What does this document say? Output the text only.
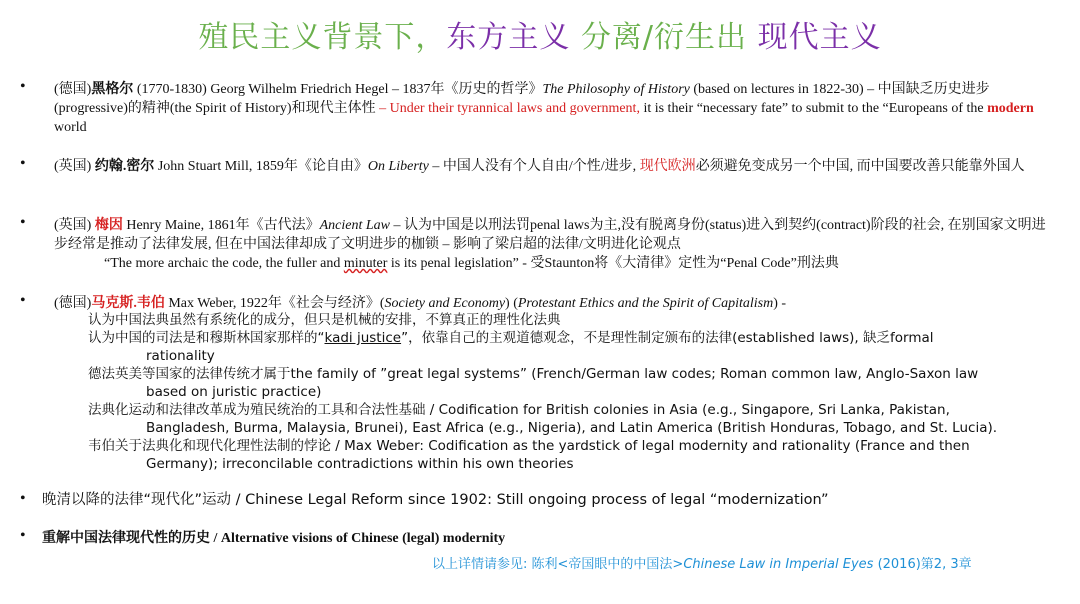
殖民主义背景下，东方主义 分离/衍生出 现代主义
• (德国)黑格尔 (1770-1830) Georg Wilhelm Friedrich Hegel – 1837年《历史的哲学》The Philosophy of History (based on lectures in 1822-30) – 中国缺乏历史进步(progressive)的精神(the Spirit of History)和现代主体性 – Under their tyrannical laws and government, it is their “necessary fate” to submit to the “Europeans of the modern world
• (英国) 约翰.密尔 John Stuart Mill, 1859年《论自由》On Liberty – 中国人没有个人自由/个性/进步, 现代欧洲必须避免变成另一个中国, 而中国要改善只能靠外国人
• (英国) 梅因 Henry Maine, 1861年《古代法》Ancient Law – 认为中国是以刑法罚penal laws为主,没有脱离身份(status)进入到契约(contract)阶段的社会, 在别国家文明进步经常是推动了法律发展, 但在中国法律却成了文明进步的枷锁 – 影响了梁启超的法律/文明进化论观点
“The more archaic the code, the fuller and minuter is its penal legislation” - 受Staunton将《大清律》定性为“Penal Code”刑法典
• (德国)马克斯.韦伯 Max Weber, 1922年《社会与经济》(Society and Economy) (Protestant Ethics and the Spirit of Capitalism) -
认为中国法典虽然有系统化的成分，但只是机械的安排，不算真正的理性化法典
认为中国的司法是和穆斯林国家那样的“kadi justice”，依靠自己的主观道德观念，不是理性制定颁布的法律(established laws), 缺乏formal
rationality
德法英美等国家的法律传统才属于the family of ”great legal systems” (French/German law codes; Roman common law, Anglo-Saxon law
based on juristic practice)
法典化运动和法律改革成为殖民统治的工具和合法性基础 / Codification for British colonies in Asia (e.g., Singapore, Sri Lanka, Pakistan,
Bangladesh, Burma, Malaysia, Brunei), East Africa (e.g., Nigeria), and Latin America (British Honduras, Tobago, and St. Lucia).
韦伯关于法典化和现代化理性法制的悖论 / Max Weber: Codification as the yardstick of legal modernity and rationality (France and then
Germany); irreconcilable contradictions within his own theories
• 晚清以降的法律“现代化”运动 / Chinese Legal Reform since 1902: Still ongoing process of legal “modernization”
• 重解中国法律现代性的历史 / Alternative visions of Chinese (legal) modernity
以上详情请参见: 陈利<帝国眼中的中国法>Chinese Law in Imperial Eyes (2016)第2, 3章
